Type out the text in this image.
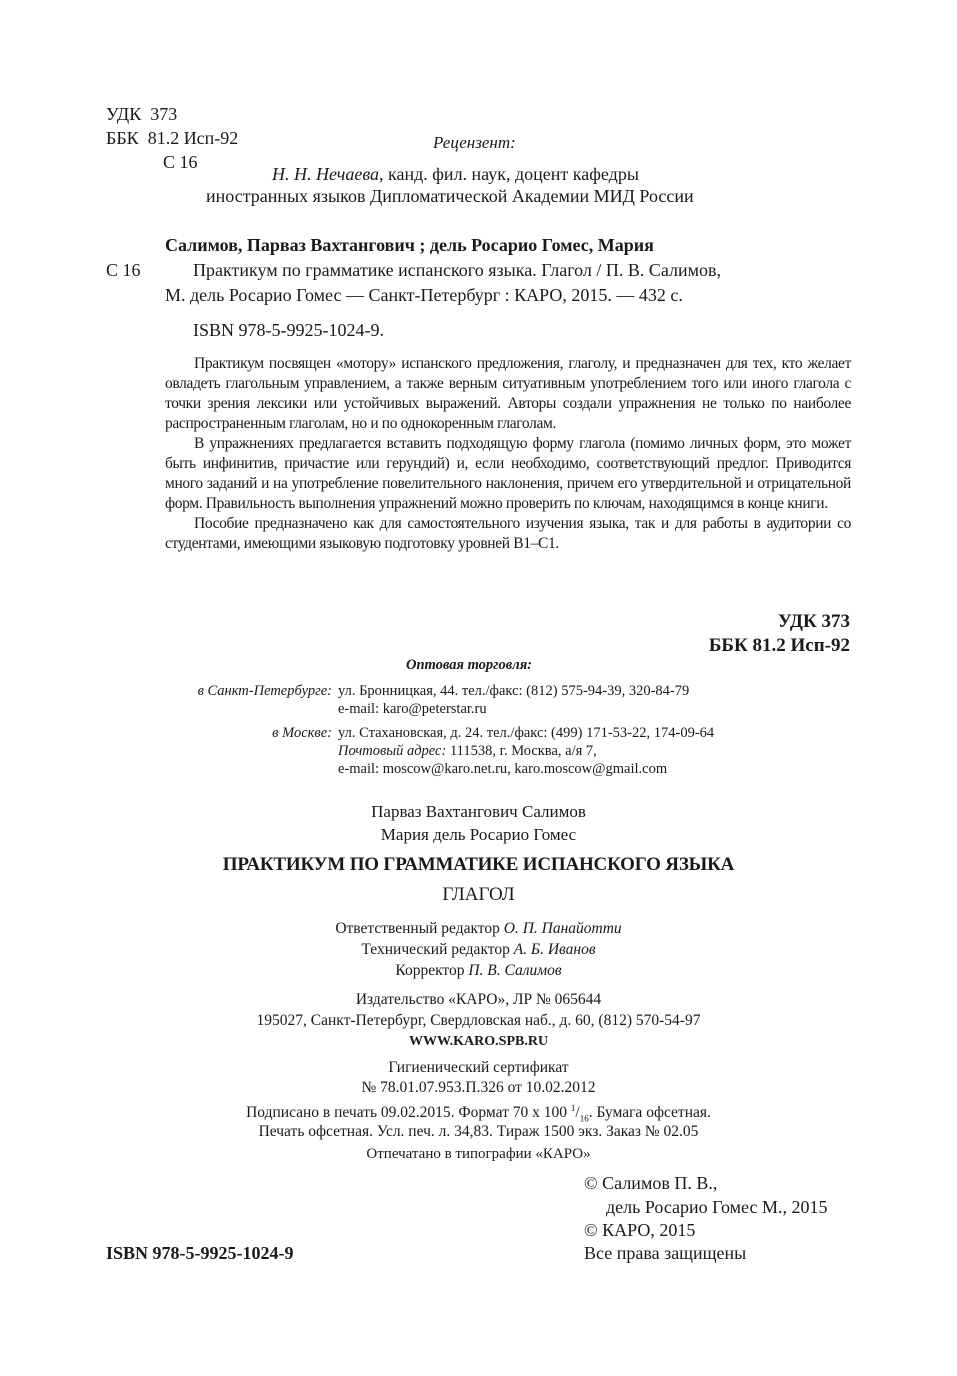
УДК 373
ББК 81.2 Исп-92
С 16
Рецензент:
Н. Н. Нечаева, канд. фил. наук, доцент кафедры
иностранных языков Дипломатической Академии МИД России
Салимов, Парваз Вахтангович ; дель Росарио Гомес, Мария
С 16	Практикум по грамматике испанского языка. Глагол / П. В. Салимов,
М. дель Росарио Гомес — Санкт-Петербург : КАРО, 2015. — 432 с.
ISBN 978-5-9925-1024-9.

Практикум посвящен «мотору» испанского предложения, глаголу, и предназначен для тех, кто желает овладеть глагольным управлением, а также верным ситуативным употреблением того или иного глагола с точки зрения лексики или устойчивых выражений. Авторы создали упражнения не только по наиболее распространенным глаголам, но и по однокоренным глаголам.

В упражнениях предлагается вставить подходящую форму глагола (помимо личных форм, это может быть инфинитив, причастие или герундий) и, если необходимо, соответствующий предлог. Приводится много заданий и на употребление повелительного наклонения, причем его утвердительной и отрицательной форм. Правильность выполнения упражнений можно проверить по ключам, находящимся в конце книги.

Пособие предназначено как для самостоятельного изучения языка, так и для работы в аудитории со студентами, имеющими языковую подготовку уровней B1–C1.

УДК 373
ББК 81.2 Исп-92
Оптовая торговля:
в Санкт-Петербурге: ул. Бронницкая, 44. тел./факс: (812) 575-94-39, 320-84-79
e-mail: karo@peterstar.ru
в Москве: ул. Стахановская, д. 24. тел./факс: (499) 171-53-22, 174-09-64
Почтовый адрес: 111538, г. Москва, а/я 7,
e-mail: moscow@karo.net.ru, karo.moscow@gmail.com
Парваз Вахтангович Салимов
Мария дель Росарио Гомес
ПРАКТИКУМ ПО ГРАММАТИКЕ ИСПАНСКОГО ЯЗЫКА
ГЛАГОЛ
Ответственный редактор О. П. Панайотти
Технический редактор А. Б. Иванов
Корректор П. В. Салимов
Издательство «КАРО», ЛР № 065644
195027, Санкт-Петербург, Свердловская наб., д. 60, (812) 570-54-97
WWW.KARO.SPB.RU
Гигиенический сертификат
№ 78.01.07.953.П.326 от 10.02.2012
Подписано в печать 09.02.2015. Формат 70 x 100 $^1/_{16}$. Бумага офсетная.
Печать офсетная. Усл. печ. л. 34,83. Тираж 1500 экз. Заказ № 02.05
Отпечатано в типографии «КАРО»
© Салимов П. В.,
дель Росарио Гомес М., 2015
© КАРО, 2015
Все права защищены
ISBN 978-5-9925-1024-9
